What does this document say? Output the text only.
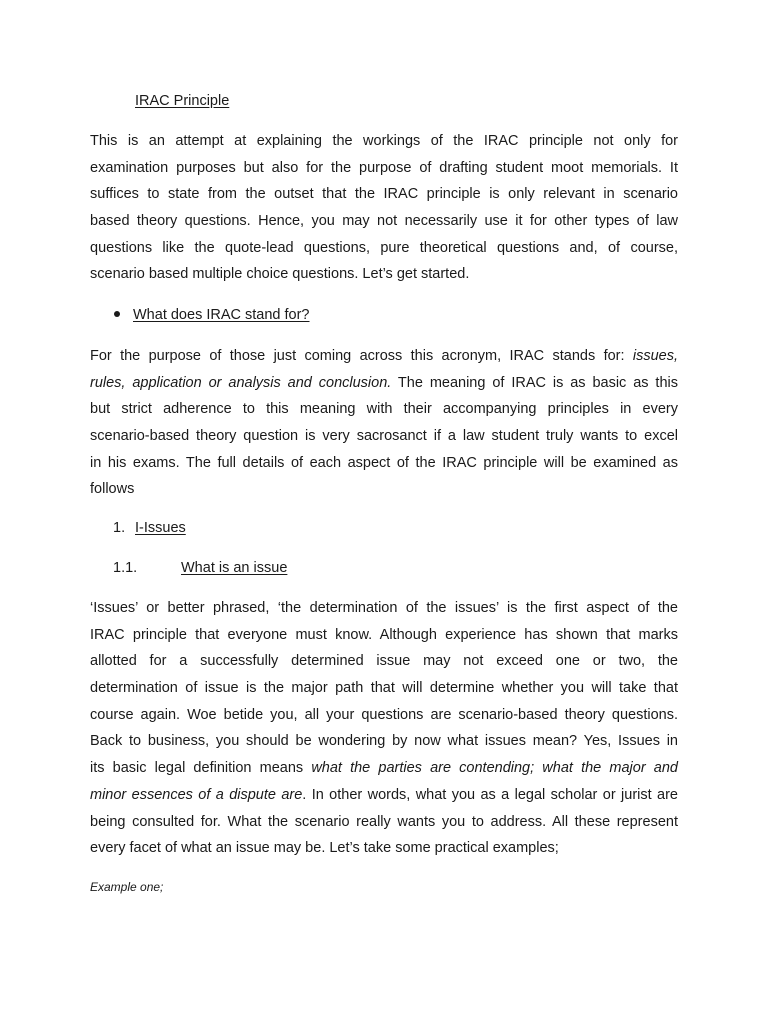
IRAC Principle
This is an attempt at explaining the workings of the IRAC principle not only for
examination purposes but also for the purpose of drafting student moot memorials. It
suffices to state from the outset that the IRAC principle is only relevant in scenario
based theory questions. Hence, you may not necessarily use it for other types of law
questions like the quote-lead questions, pure theoretical questions and, of course,
scenario based multiple choice questions. Let’s get started.
What does IRAC stand for?
For the purpose of those just coming across this acronym, IRAC stands for: issues,
rules, application or analysis and conclusion. The meaning of IRAC is as basic as this
but strict adherence to this meaning with their accompanying principles in every
scenario-based theory question is very sacrosanct if a law student truly wants to excel
in his exams. The full details of each aspect of the IRAC principle will be examined as
follows
1. I-Issues
1.1.	What is an issue
‘Issues’ or better phrased, ‘the determination of the issues’ is the first aspect of the
IRAC principle that everyone must know. Although experience has shown that marks
allotted for a successfully determined issue may not exceed one or two, the
determination of issue is the major path that will determine whether you will take that
course again. Woe betide you, all your questions are scenario-based theory questions.
Back to business, you should be wondering by now what issues mean? Yes, Issues in
its basic legal definition means what the parties are contending; what the major and
minor essences of a dispute are. In other words, what you as a legal scholar or jurist are
being consulted for. What the scenario really wants you to address. All these represent
every facet of what an issue may be. Let’s take some practical examples;
Example one;
